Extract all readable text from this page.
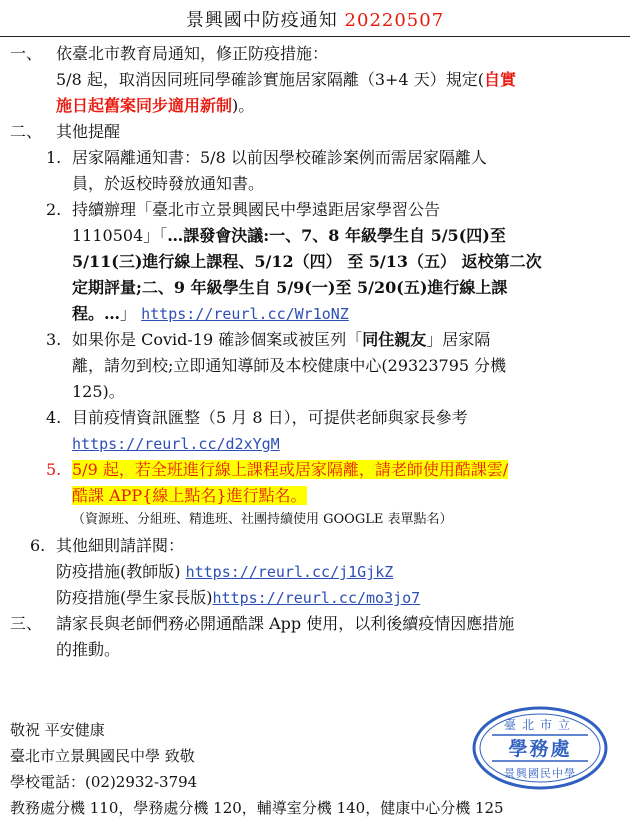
景興國中防疫通知 20220507
一、 依臺北市教育局通知，修正防疫措施：
5/8 起，取消因同班同學確診實施居家隔離（3+4 天）規定(自實
施日起舊案同步適用新制)。
二、 其他提醒
1. 居家隔離通知書：5/8 以前因學校確診案例而需居家隔離人
員，於返校時發放通知書。
2. 持續辦理「臺北市立景興國民中學遠距居家學習公告
1110504」「…課發會決議:一、7、8 年級學生自 5/5(四)至
5/11(三)進行線上課程、5/12（四） 至 5/13（五） 返校第二次
定期評量;二、9 年級學生自 5/9(一)至 5/20(五)進行線上課
程。…」 https://reurl.cc/Wr1oNZ
3. 如果你是 Covid-19 確診個案或被匡列「同住親友」居家隔
離，請勿到校;立即通知導師及本校健康中心(29323795 分機
125)。
4. 目前疫情資訊匯整（5 月 8 日），可提供老師與家長參考
https://reurl.cc/d2xYgM
5. 5/9 起，若全班進行線上課程或居家隔離，請老師使用酷課雲/
酷課 APP{線上點名}進行點名。
（資源班、分組班、精進班、社團持續使用 GOOGLE 表單點名）
6. 其他細則請詳閱：
防疫措施(教師版) https://reurl.cc/j1GjkZ
防疫措施(學生家長版)https://reurl.cc/mo3jo7
三、 請家長與老師們務必開通酷課 App 使用，以利後續疫情因應措施
的推動。
敬祝 平安健康
臺北市立景興國民中學 致敬
學校電話：(02)2932-3794
教務處分機 110，學務處分機 120，輔導室分機 140，健康中心分機 125
臺北市立
學務處
景興國民中學
